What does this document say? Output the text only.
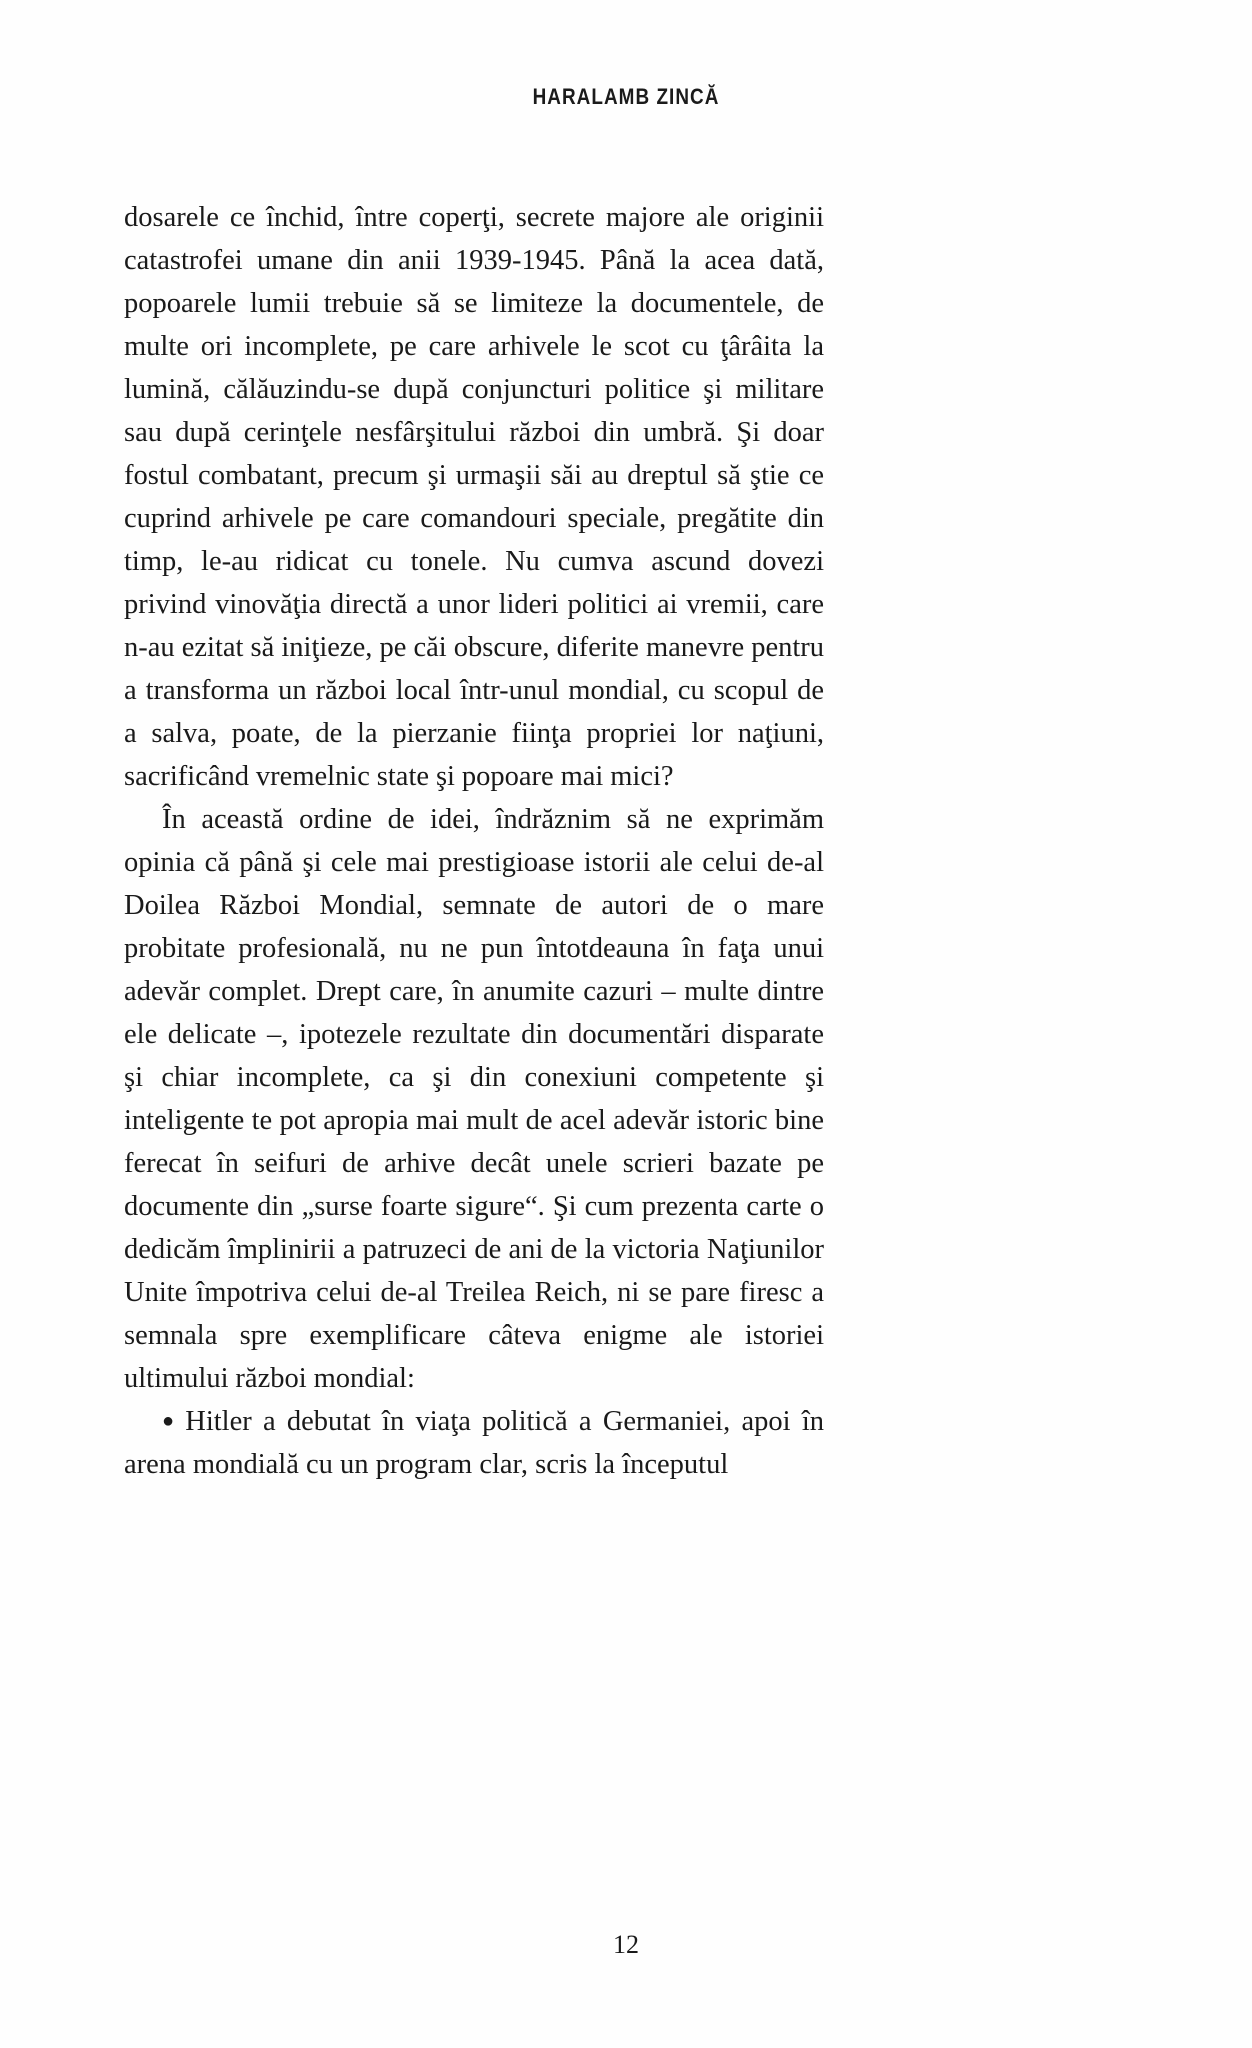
HARALAMB ZINCĂ

dosarele ce închid, între coperţi, secrete majore ale originii catastrofei umane din anii 1939-1945. Până la acea dată, popoarele lumii trebuie să se limiteze la documentele, de multe ori incomplete, pe care arhivele le scot cu ţârâita la lumină, călăuzindu-se după conjuncturi politice şi militare sau după cerinţele nesfârşitului război din umbră. Şi doar fostul combatant, precum şi urmaşii săi au dreptul să ştie ce cuprind arhivele pe care comandouri speciale, pregătite din timp, le-au ridicat cu tonele. Nu cumva ascund dovezi privind vinovăţia directă a unor lideri politici ai vremii, care n-au ezitat să iniţieze, pe căi obscure, diferite manevre pentru a transforma un război local într-unul mondial, cu scopul de a salva, poate, de la pierzanie fiinţa propriei lor naţiuni, sacrificând vremelnic state şi popoare mai mici?

În această ordine de idei, îndrăznim să ne exprimăm opinia că până şi cele mai prestigioase istorii ale celui de-al Doilea Război Mondial, semnate de autori de o mare probitate profesională, nu ne pun întotdeauna în faţa unui adevăr complet. Drept care, în anumite cazuri – multe dintre ele delicate –, ipotezele rezultate din documentări disparate şi chiar incomplete, ca şi din conexiuni competente şi inteligente te pot apropia mai mult de acel adevăr istoric bine ferecat în seifuri de arhive decât unele scrieri bazate pe documente din „surse foarte sigure“. Şi cum prezenta carte o dedicăm împlinirii a patruzeci de ani de la victoria Naţiunilor Unite împotriva celui de-al Treilea Reich, ni se pare firesc a semnala spre exemplificare câteva enigme ale istoriei ultimului război mondial:

● Hitler a debutat în viaţa politică a Germaniei, apoi în arena mondială cu un program clar, scris la începutul

12
